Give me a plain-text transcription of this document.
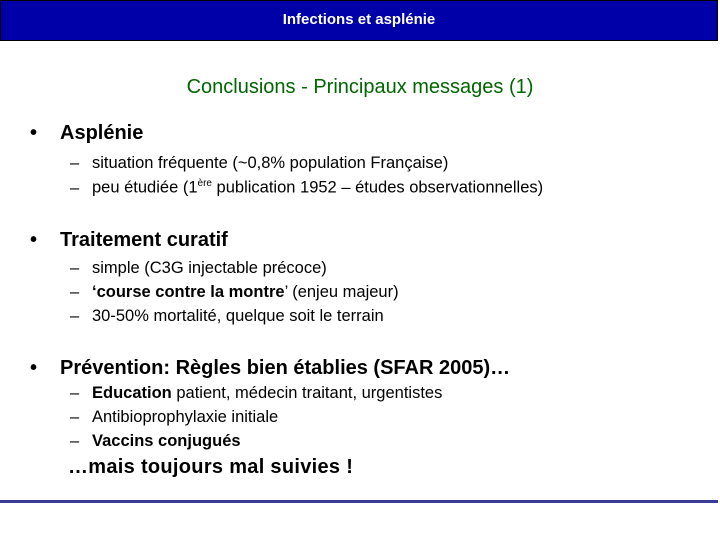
Infections et asplénie
Conclusions - Principaux messages (1)
• Asplénie
– situation fréquente (~0,8% population Française)
– peu étudiée (1ère publication 1952 – études observationnelles)
• Traitement curatif
– simple (C3G injectable précoce)
– ‘course contre la montre’ (enjeu majeur)
– 30-50% mortalité, quelque soit le terrain
• Prévention: Règles bien établies (SFAR 2005)…
– Education patient, médecin traitant, urgentistes
– Antibioprophylaxie initiale
– Vaccins conjugués
…mais toujours mal suivies !
